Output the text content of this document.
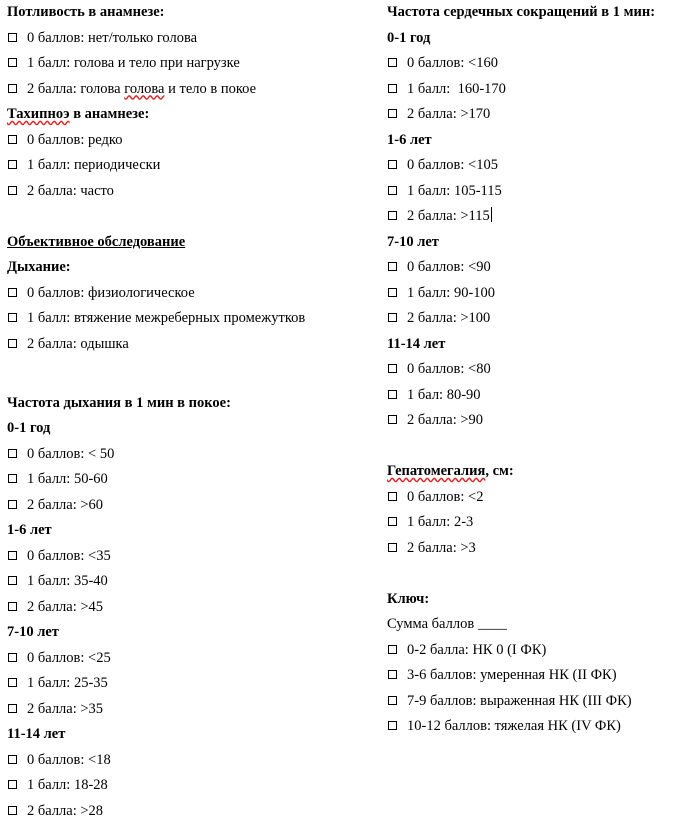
Потливость в анамнезе:
0 баллов: нет/только голова
1 балл: голова и тело при нагрузке
2 балла: голова голова и тело в покое
Тахипноэ в анамнезе:
0 баллов: редко
1 балл: периодически
2 балла: часто
Объективное обследование
Дыхание:
0 баллов: физиологическое
1 балл: втяжение межреберных промежутков
2 балла: одышка
Частота дыхания в 1 мин в покое:
0-1 год
0 баллов: < 50
1 балл: 50-60
2 балла: >60
1-6 лет
0 баллов: <35
1 балл: 35-40
2 балла: >45
7-10 лет
0 баллов: <25
1 балл: 25-35
2 балла: >35
11-14 лет
0 баллов: <18
1 балл: 18-28
2 балла: >28
Частота сердечных сокращений в 1 мин:
0-1 год
0 баллов: <160
1 балл:  160-170
2 балла: >170
1-6 лет
0 баллов: <105
1 балл: 105-115
2 балла: >115
7-10 лет
0 баллов: <90
1 балл: 90-100
2 балла: >100
11-14 лет
0 баллов: <80
1 бал: 80-90
2 балла: >90
Гепатомегалия, см:
0 баллов: <2
1 балл: 2-3
2 балла: >3
Ключ:
Сумма баллов ____
0-2 балла: НК 0 (I ФК)
3-6 баллов: умеренная НК (II ФК)
7-9 баллов: выраженная НК (III ФК)
10-12 баллов: тяжелая НК (IV ФК)
